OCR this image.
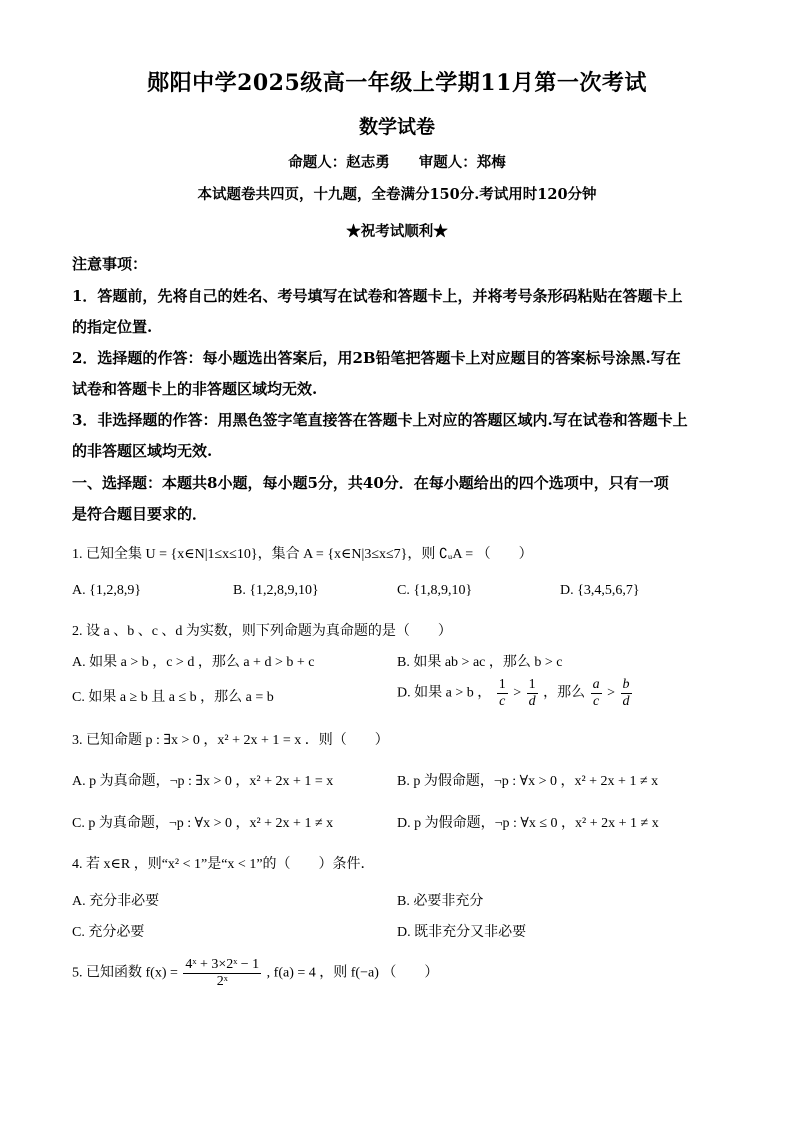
郧阳中学2025级高一年级上学期11月第一次考试
数学试卷
命题人：赵志勇　　审题人：郑梅
本试题卷共四页，十九题，全卷满分150分.考试用时120分钟
★祝考试顺利★
注意事项：
1．答题前，先将自己的姓名、考号填写在试卷和答题卡上，并将考号条形码粘贴在答题卡上
的指定位置.
2．选择题的作答：每小题选出答案后，用2B铅笔把答题卡上对应题目的答案标号涂黑.写在
试卷和答题卡上的非答题区域均无效.
3．非选择题的作答：用黑色签字笔直接答在答题卡上对应的答题区域内.写在试卷和答题卡上
的非答题区域均无效.
一、选择题：本题共8小题，每小题5分，共40分．在每小题给出的四个选项中，只有一项
是符合题目要求的．
1. 已知全集 U = {x∈N|1≤x≤10}，集合 A = {x∈N|3≤x≤7}，则 ∁ᵤA = （　　）
A. {1,2,8,9}	B. {1,2,8,9,10}	C. {1,8,9,10}	D. {3,4,5,6,7}
2. 设 a 、b 、c 、d 为实数，则下列命题为真命题的是（　　）
A. 如果 a > b ，c > d ，那么 a + d > b + c	B. 如果 ab > ac ，那么 b > c
C. 如果 a ≥ b 且 a ≤ b ，那么 a = b	D. 如果 a > b ， $\frac{1}{c} > \frac{1}{d}$ ，那么 $\frac{a}{c} > \frac{b}{d}$
3. 已知命题 p : ∃x > 0 ，x² + 2x + 1 = x ．则（　　）
A. p 为真命题，¬p : ∃x > 0 ，x² + 2x + 1 = x	B. p 为假命题，¬p : ∀x > 0 ，x² + 2x + 1 ≠ x
C. p 为真命题，¬p : ∀x > 0 ，x² + 2x + 1 ≠ x	D. p 为假命题，¬p : ∀x ≤ 0 ，x² + 2x + 1 ≠ x
4. 若 x∈R ，则“x² < 1”是“x < 1”的（　　）条件．
A. 充分非必要	B. 必要非充分
C. 充分必要	D. 既非充分又非必要
5. 已知函数 $f(x) = \frac{\text{4ˣ + 3×2ˣ − 1}}{\text{2ˣ}}$ , f(a) = 4 ，则 f(−a) （　　）
